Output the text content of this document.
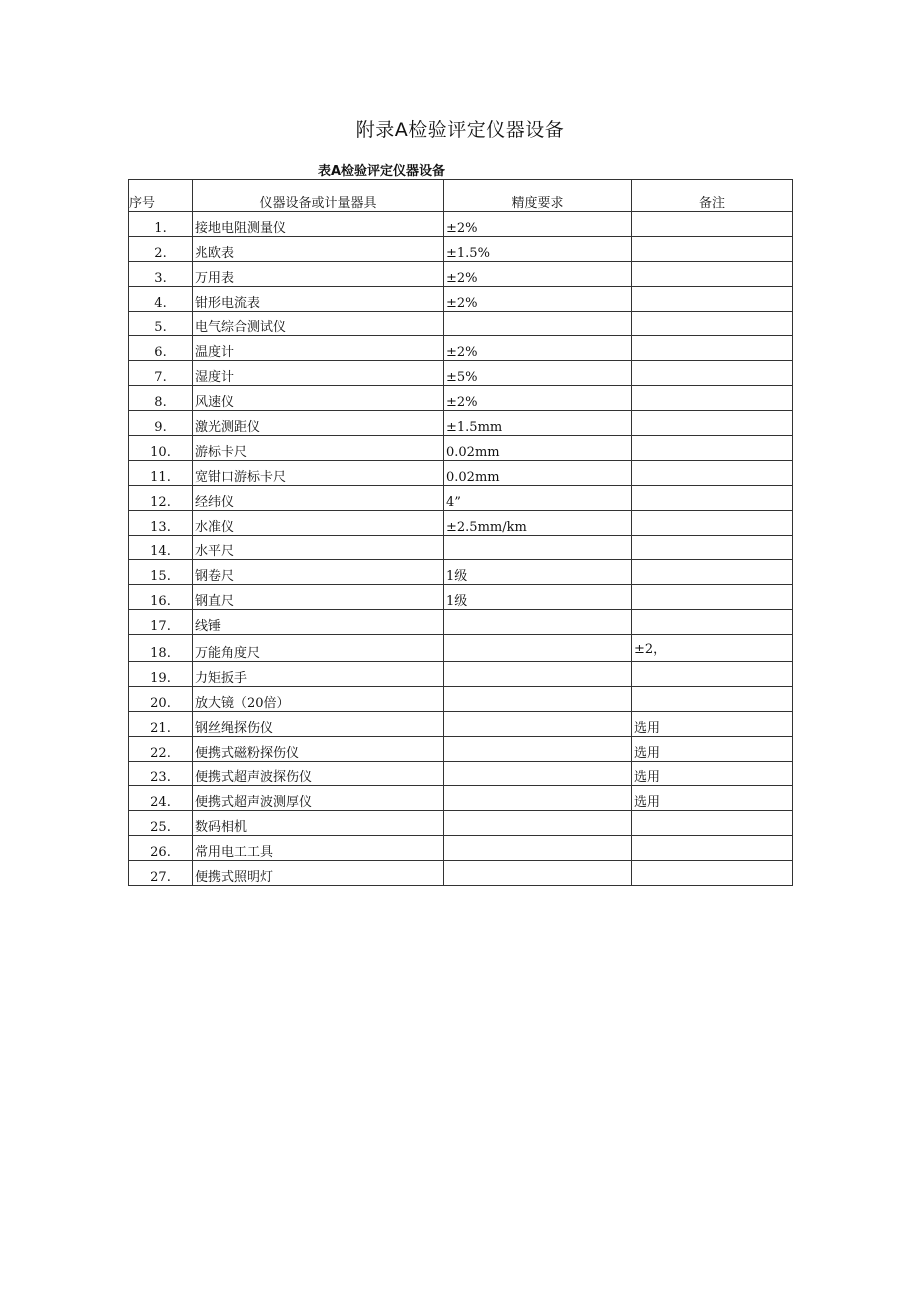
附录A检验评定仪器设备
表A检验评定仪器设备
序号	仪器设备或计量器具	精度要求	备注
1.	接地电阻测量仪	±2%	
2.	兆欧表	±1.5%	
3.	万用表	±2%	
4.	钳形电流表	±2%	
5.	电气综合测试仪		
6.	温度计	±2%	
7.	湿度计	±5%	
8.	风速仪	±2%	
9.	激光测距仪	±1.5mm	
10.	游标卡尺	0.02mm	
11.	宽钳口游标卡尺	0.02mm	
12.	经纬仪	4”	
13.	水准仪	±2.5mm/km	
14.	水平尺		
15.	钢卷尺	1级	
16.	钢直尺	1级	
17.	线锤		
18.	万能角度尺		±2，
19.	力矩扳手		
20.	放大镜（20倍）		
21.	钢丝绳探伤仪		选用
22.	便携式磁粉探伤仪		选用
23.	便携式超声波探伤仪		选用
24.	便携式超声波测厚仪		选用
25.	数码相机		
26.	常用电工工具		
27.	便携式照明灯		
